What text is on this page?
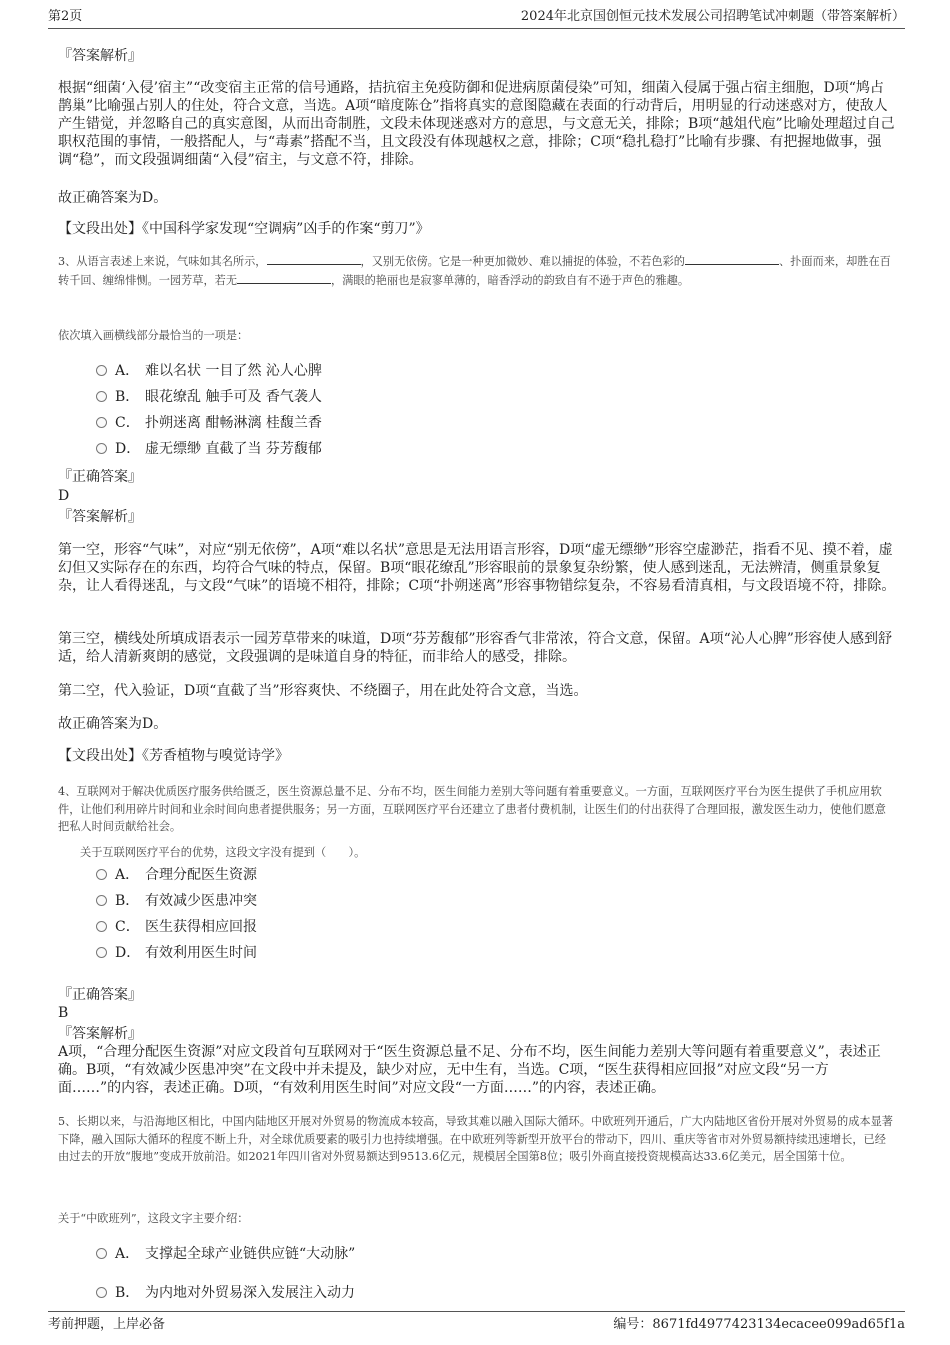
第2页	2024年北京国创恒元技术发展公司招聘笔试冲刺题（带答案解析）
『答案解析』

根据“细菌‘入侵’宿主”“改变宿主正常的信号通路，拮抗宿主免疫防御和促进病原菌侵染”可知，细菌入侵属于强占宿主细胞，D项“鸠占鹊巢”比喻强占别人的住处，符合文意，当选。A项“暗度陈仓”指将真实的意图隐藏在表面的行动背后，用明显的行动迷惑对方，使敌人产生错觉，并忽略自己的真实意图，从而出奇制胜，文段未体现迷惑对方的意思，与文意无关，排除；B项“越俎代庖”比喻处理超过自己职权范围的事情，一般搭配人，与“毒素”搭配不当，且文段没有体现越权之意，排除；C项“稳扎稳打”比喻有步骤、有把握地做事，强调“稳”，而文段强调细菌“入侵”宿主，与文意不符，排除。

故正确答案为D。
【文段出处】《中国科学家发现“空调病”凶手的作案“剪刀”》

3、从语言表述上来说，气味如其名所示，	，又别无依傍。它是一种更加微妙、难以捕捉的体验，不若色彩的	、扑面而来，却胜在百转千回、缠绵悱恻。一园芳草，若无	，满眼的艳丽也是寂寥单薄的，暗香浮动的韵致自有不逊于声色的雅趣。

依次填入画横线部分最恰当的一项是：
A． 难以名状 一目了然 沁人心脾
B． 眼花缭乱 触手可及 香气袭人
C． 扑朔迷离 酣畅淋漓 桂馥兰香
D． 虚无缥缈 直截了当 芬芳馥郁
『正确答案』
D
『答案解析』

第一空，形容“气味”，对应“别无依傍”，A项“难以名状”意思是无法用语言形容，D项“虚无缥缈”形容空虚渺茫，指看不见、摸不着，虚幻但又实际存在的东西，均符合气味的特点，保留。B项“眼花缭乱”形容眼前的景象复杂纷繁，使人感到迷乱，无法辨清，侧重景象复杂，让人看得迷乱，与文段“气味”的语境不相符，排除；C项“扑朔迷离”形容事物错综复杂，不容易看清真相，与文段语境不符，排除。

第三空，横线处所填成语表示一园芳草带来的味道，D项“芬芳馥郁”形容香气非常浓，符合文意，保留。A项“沁人心脾”形容使人感到舒适，给人清新爽朗的感觉，文段强调的是味道自身的特征，而非给人的感受，排除。

第二空，代入验证，D项“直截了当”形容爽快、不绕圈子，用在此处符合文意，当选。
故正确答案为D。
【文段出处】《芳香植物与嗅觉诗学》

4、互联网对于解决优质医疗服务供给匮乏，医生资源总量不足、分布不均，医生间能力差别大等问题有着重要意义。一方面，互联网医疗平台为医生提供了手机应用软件，让他们利用碎片时间和业余时间向患者提供服务；另一方面，互联网医疗平台还建立了患者付费机制，让医生们的付出获得了合理回报，激发医生动力，使他们愿意把私人时间贡献给社会。

关于互联网医疗平台的优势，这段文字没有提到（　　）。
A． 合理分配医生资源
B． 有效减少医患冲突
C． 医生获得相应回报
D． 有效利用医生时间
『正确答案』
B
『答案解析』

A项，“合理分配医生资源”对应文段首句互联网对于“医生资源总量不足、分布不均，医生间能力差别大等问题有着重要意义”，表述正确。B项，“有效减少医患冲突”在文段中并未提及，缺少对应，无中生有，当选。C项，“医生获得相应回报”对应文段“另一方面……”的内容，表述正确。D项，“有效利用医生时间”对应文段“一方面……”的内容，表述正确。

5、长期以来，与沿海地区相比，中国内陆地区开展对外贸易的物流成本较高，导致其难以融入国际大循环。中欧班列开通后，广大内陆地区省份开展对外贸易的成本显著下降，融入国际大循环的程度不断上升，对全球优质要素的吸引力也持续增强。在中欧班列等新型开放平台的带动下，四川、重庆等省市对外贸易额持续迅速增长，已经由过去的开放“腹地”变成开放前沿。如2021年四川省对外贸易额达到9513.6亿元，规模居全国第8位；吸引外商直接投资规模高达33.6亿美元，居全国第十位。

关于“中欧班列”，这段文字主要介绍：
A． 支撑起全球产业链供应链“大动脉”
B． 为内地对外贸易深入发展注入动力
考前押题，上岸必备	编号：8671fd4977423134ecacee099ad65f1a
